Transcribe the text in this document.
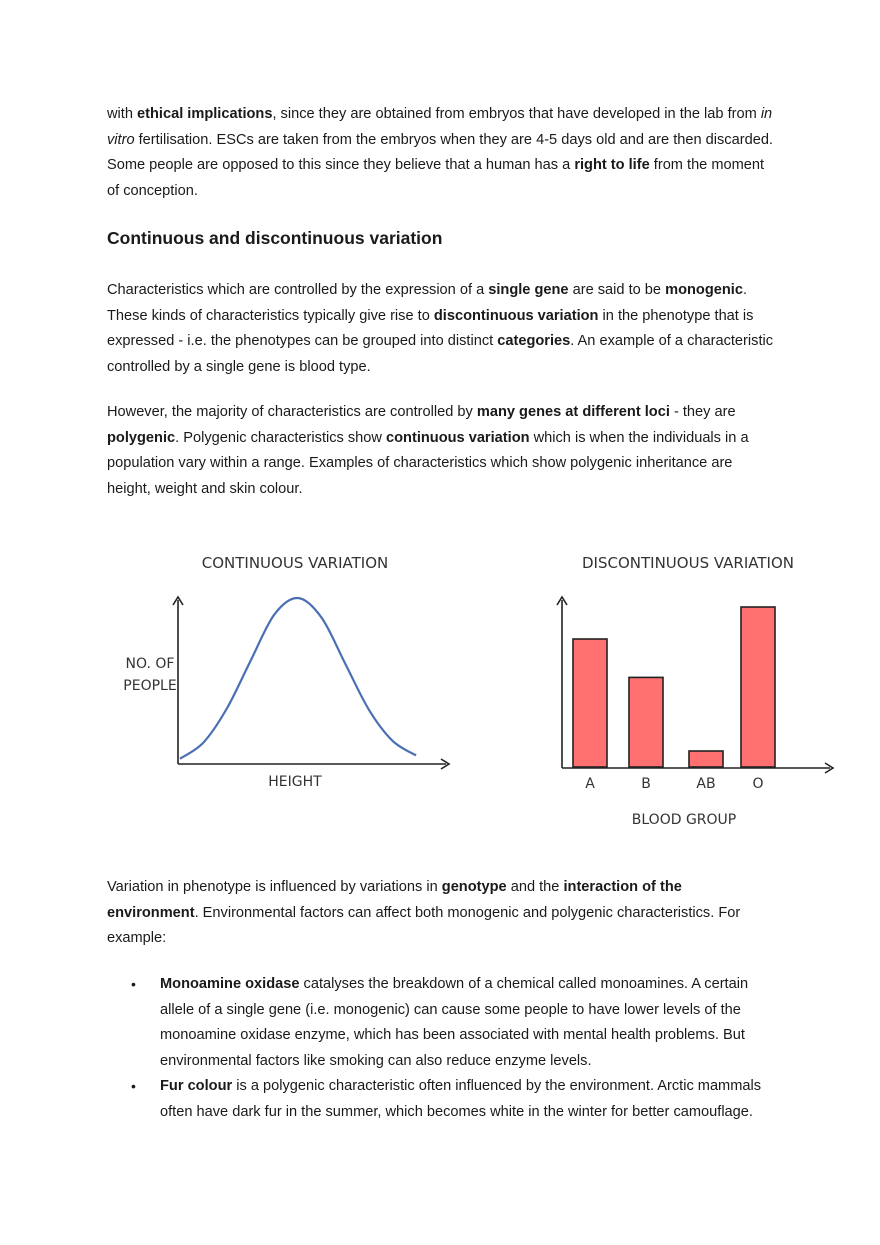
with ethical implications, since they are obtained from embryos that have developed in the lab from in vitro fertilisation. ESCs are taken from the embryos when they are 4-5 days old and are then discarded. Some people are opposed to this since they believe that a human has a right to life from the moment of conception.

Continuous and discontinuous variation

Characteristics which are controlled by the expression of a single gene are said to be monogenic. These kinds of characteristics typically give rise to discontinuous variation in the phenotype that is expressed - i.e. the phenotypes can be grouped into distinct categories. An example of a characteristic controlled by a single gene is blood type.

However, the majority of characteristics are controlled by many genes at different loci - they are polygenic. Polygenic characteristics show continuous variation which is when the individuals in a population vary within a range. Examples of characteristics which show polygenic inheritance are height, weight and skin colour.

Variation in phenotype is influenced by variations in genotype and the interaction of the environment. Environmental factors can affect both monogenic and polygenic characteristics. For example:

• Monoamine oxidase catalyses the breakdown of a chemical called monoamines. A certain allele of a single gene (i.e. monogenic) can cause some people to have lower levels of the monoamine oxidase enzyme, which has been associated with mental health problems. But environmental factors like smoking can also reduce enzyme levels.
• Fur colour is a polygenic characteristic often influenced by the environment. Arctic mammals often have dark fur in the summer, which becomes white in the winter for better camouflage.
CONTINUOUS VARIATION
NO. OF
PEOPLE
HEIGHT
DISCONTINUOUS VARIATION
BLOOD GROUP
A	B	AB	O
